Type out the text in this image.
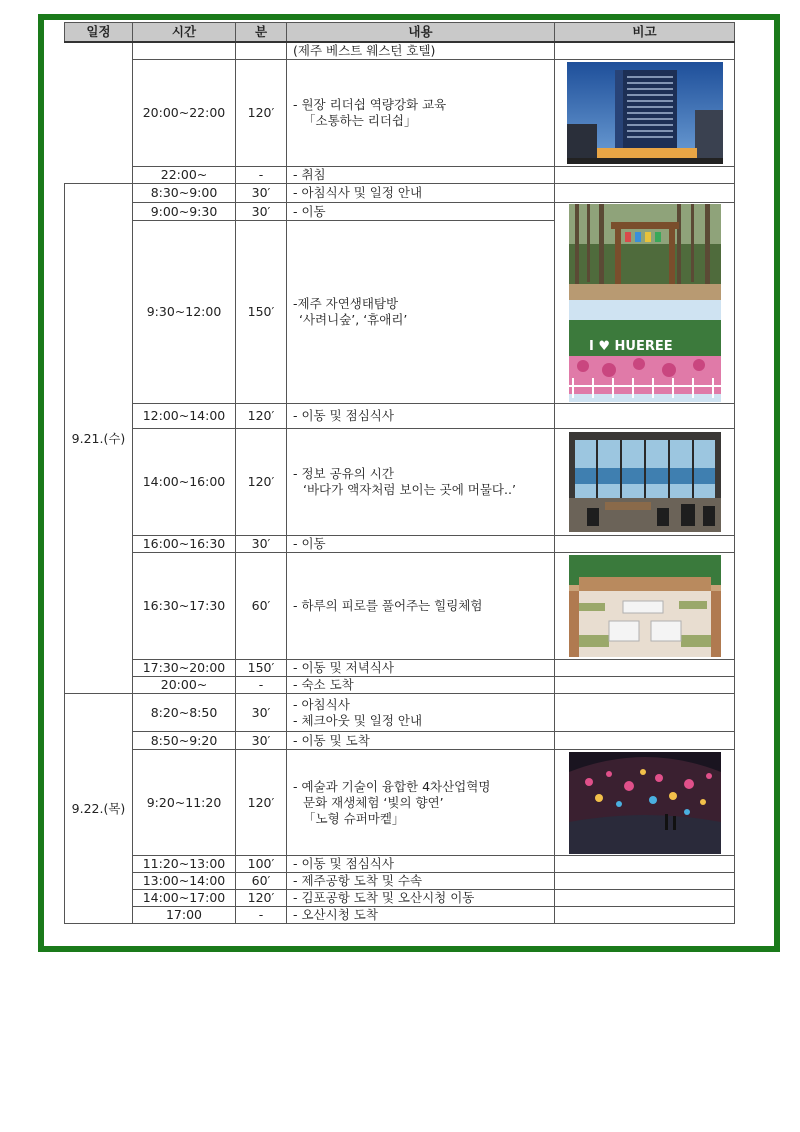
일정	시간	분	내용	비고

			(제주 베스트 웨스턴 호텔)	

	20:00~22:00	120′	- 원장 리더쉽 역량강화 교육
「소통하는 리더쉽」

	22:00~	-	- 취침	

9.21.(수)	8:30~9:00	30′	- 아침식사 및 일정 안내	

	9:00~9:30	30′	- 이동	I ♥ HUEREE

	9:30~12:00	150′	-제주 자연생태탐방
‘사려니숲’, ‘휴애리’	

	12:00~14:00	120′	- 이동 및 점심식사	

	14:00~16:00	120′	- 정보 공유의 시간
‘바다가 액자처럼 보이는 곳에 머물다..’

	16:00~16:30	30′	- 이동	

	16:30~17:30	60′	- 하루의 피로를 풀어주는 힐링체험

	17:30~20:00	150′	- 이동 및 저녁식사	

	20:00~	-	- 숙소 도착	

9.22.(목)	8:20~8:50	30′	- 아침식사
- 체크아웃 및 일정 안내	

	8:50~9:20	30′	- 이동 및 도착	

	9:20~11:20	120′	- 예술과 기술이 융합한 4차산업혁명
문화 재생체험 ‘빛의 향연’
「노형 슈퍼마켙」

	11:20~13:00	100′	- 이동 및 점심식사	

	13:00~14:00	60′	- 제주공항 도착 및 수속	

	14:00~17:00	120′	- 김포공항 도착 및 오산시청 이동	

	17:00	-	- 오산시청 도착	
